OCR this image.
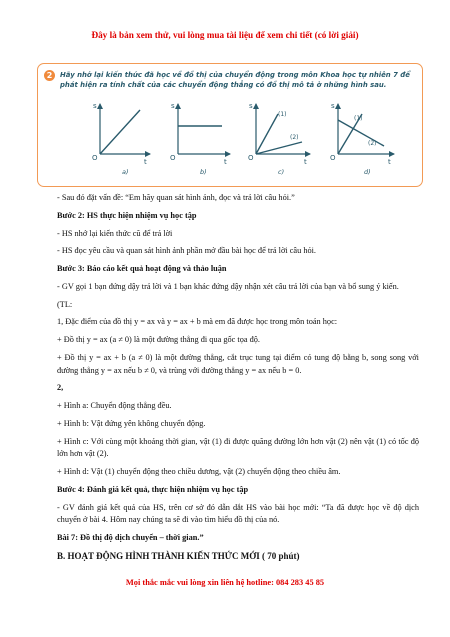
Đây là bản xem thử, vui lòng mua tài liệu để xem chi tiết (có lời giải)
2	Hãy nhớ lại kiến thức đã học về đồ thị của chuyển động trong môn Khoa học tự nhiên 7 để phát hiện ra tính chất của các chuyển động thẳng có đồ thị mô tả ở những hình sau.
s
t
O
a)
s
t
O
b)
(1)
(2)
s
t
O
c)
(1)
(2)
s
t
O
d)

- Sau đó đặt vấn đề: “Em hãy quan sát hình ảnh, đọc và trả lời câu hỏi.”

Bước 2: HS thực hiện nhiệm vụ học tập

- HS nhớ lại kiến thức cũ để trả lời

- HS đọc yêu cầu và quan sát hình ảnh phần mở đầu bài học để trả lời câu hỏi.

Bước 3: Báo cáo kết quả hoạt động và thảo luận

- GV gọi 1 bạn đứng dậy trả lời và 1 bạn khác đứng dậy nhận xét câu trả lời của bạn và bổ sung ý kiến.

(TL:

1, Đặc điểm của đồ thị y = ax và y = ax + b mà em đã được học trong môn toán học:

+ Đồ thị y = ax (a ≠ 0) là một đường thẳng đi qua gốc tọa độ.

+ Đồ thị y = ax + b (a ≠ 0) là một đường thẳng, cắt trục tung tại điểm có tung độ bằng b, song song với đường thẳng y = ax nếu b ≠ 0, và trùng với đường thẳng y = ax nếu b = 0.

2,

+ Hình a: Chuyển động thẳng đều.

+ Hình b: Vật đứng yên không chuyển động.

+ Hình c: Với cùng một khoảng thời gian, vật (1) đi được quãng đường lớn hơn vật (2) nên vật (1) có tốc độ lớn hơn vật (2).

+ Hình d: Vật (1) chuyển động theo chiều dương, vật (2) chuyển động theo chiều âm.

Bước 4: Đánh giá kết quả, thực hiện nhiệm vụ học tập

- GV đánh giá kết quả của HS, trên cơ sở đó dẫn dắt HS vào bài học mới: “Ta đã được học về độ dịch chuyển ở bài 4. Hôm nay chúng ta sẽ đi vào tìm hiểu đồ thị của nó.

Bài 7: Đồ thị độ dịch chuyển – thời gian.”

B. HOẠT ĐỘNG HÌNH THÀNH KIẾN THỨC MỚI ( 70 phút)

Mọi thắc mắc vui lòng xin liên hệ hotline: 084 283 45 85
